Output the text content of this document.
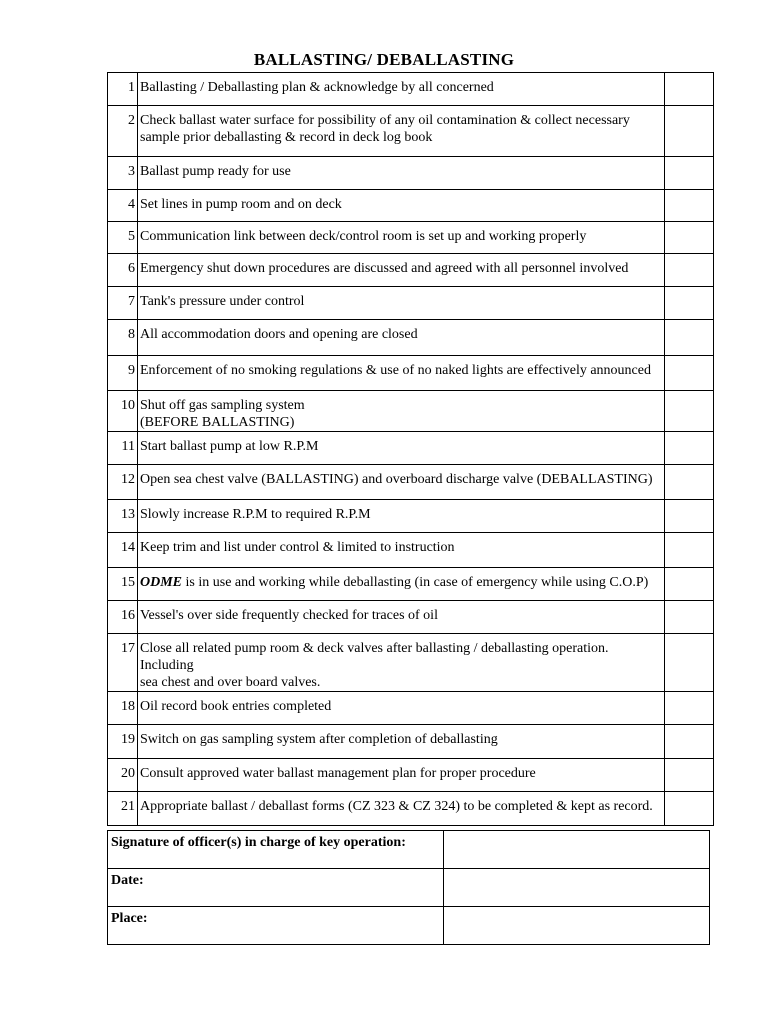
BALLASTING/ DEBALLASTING
1	Ballasting / Deballasting plan & acknowledge by all concerned	
2	Check ballast water surface for possibility of any oil contamination & collect necessary
sample prior deballasting & record in deck log book	
3	Ballast pump ready for use	
4	Set lines in pump room and on deck	
5	Communication link between deck/control room is set up and working properly	
6	Emergency shut down procedures are discussed and agreed with all personnel involved	
7	Tank's pressure under control	
8	All accommodation doors and opening are closed	
9	Enforcement of no smoking regulations & use of no naked lights are effectively announced	
10	Shut off gas sampling system
(BEFORE BALLASTING)	
11	Start ballast pump at low R.P.M	
12	Open sea chest valve (BALLASTING) and overboard discharge valve (DEBALLASTING)	
13	Slowly increase R.P.M to required R.P.M	
14	Keep trim and list under control & limited to instruction	
15	ODME is in use and working while deballasting (in case of emergency while using C.O.P)	
16	Vessel's over side frequently checked for traces of oil	
17	Close all related pump room & deck valves after ballasting / deballasting operation. Including
sea chest and over board valves.	
18	Oil record book entries completed	
19	Switch on gas sampling system after completion of deballasting	
20	Consult approved water ballast management plan for proper procedure	
21	Appropriate ballast / deballast forms (CZ 323 & CZ 324) to be completed & kept as record.	
Signature of officer(s) in charge of key operation:	
Date:	
Place:	
